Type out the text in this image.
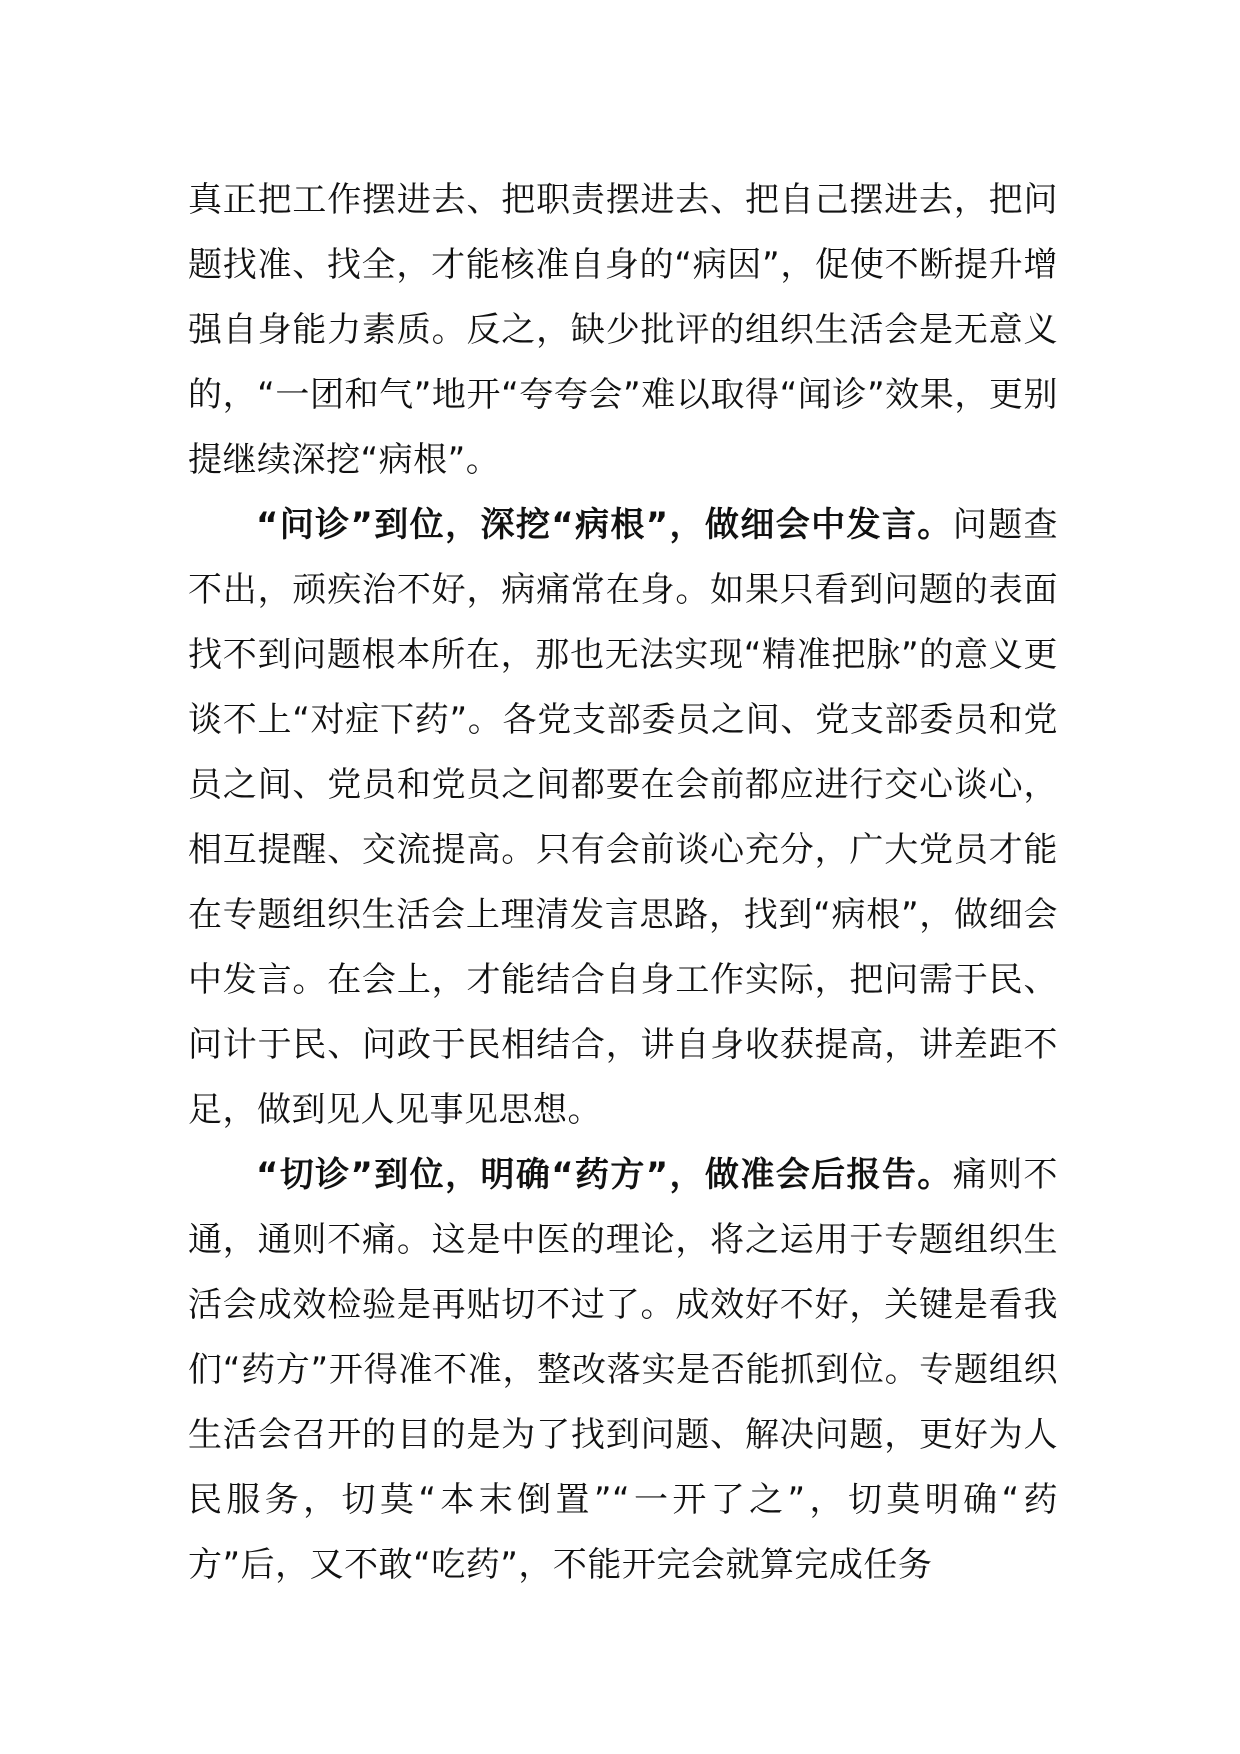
真正把工作摆进去、把职责摆进去、把自己摆进去，把问题找准、找全，才能核准自身的“病因”，促使不断提升增强自身能力素质。反之，缺少批评的组织生活会是无意义的，“一团和气”地开“夸夸会”难以取得“闻诊”效果，更别提继续深挖“病根”。

“问诊”到位，深挖“病根”，做细会中发言。问题查不出，顽疾治不好，病痛常在身。如果只看到问题的表面找不到问题根本所在，那也无法实现“精准把脉”的意义更谈不上“对症下药”。各党支部委员之间、党支部委员和党员之间、党员和党员之间都要在会前都应进行交心谈心，相互提醒、交流提高。只有会前谈心充分，广大党员才能在专题组织生活会上理清发言思路，找到“病根”，做细会中发言。在会上，才能结合自身工作实际，把问需于民、问计于民、问政于民相结合，讲自身收获提高，讲差距不足，做到见人见事见思想。

“切诊”到位，明确“药方”，做准会后报告。痛则不通，通则不痛。这是中医的理论，将之运用于专题组织生活会成效检验是再贴切不过了。成效好不好，关键是看我们“药方”开得准不准，整改落实是否能抓到位。专题组织生活会召开的目的是为了找到问题、解决问题，更好为人民服务，切莫“本末倒置”“一开了之”，切莫明确“药方”后，又不敢“吃药”，不能开完会就算完成任务
